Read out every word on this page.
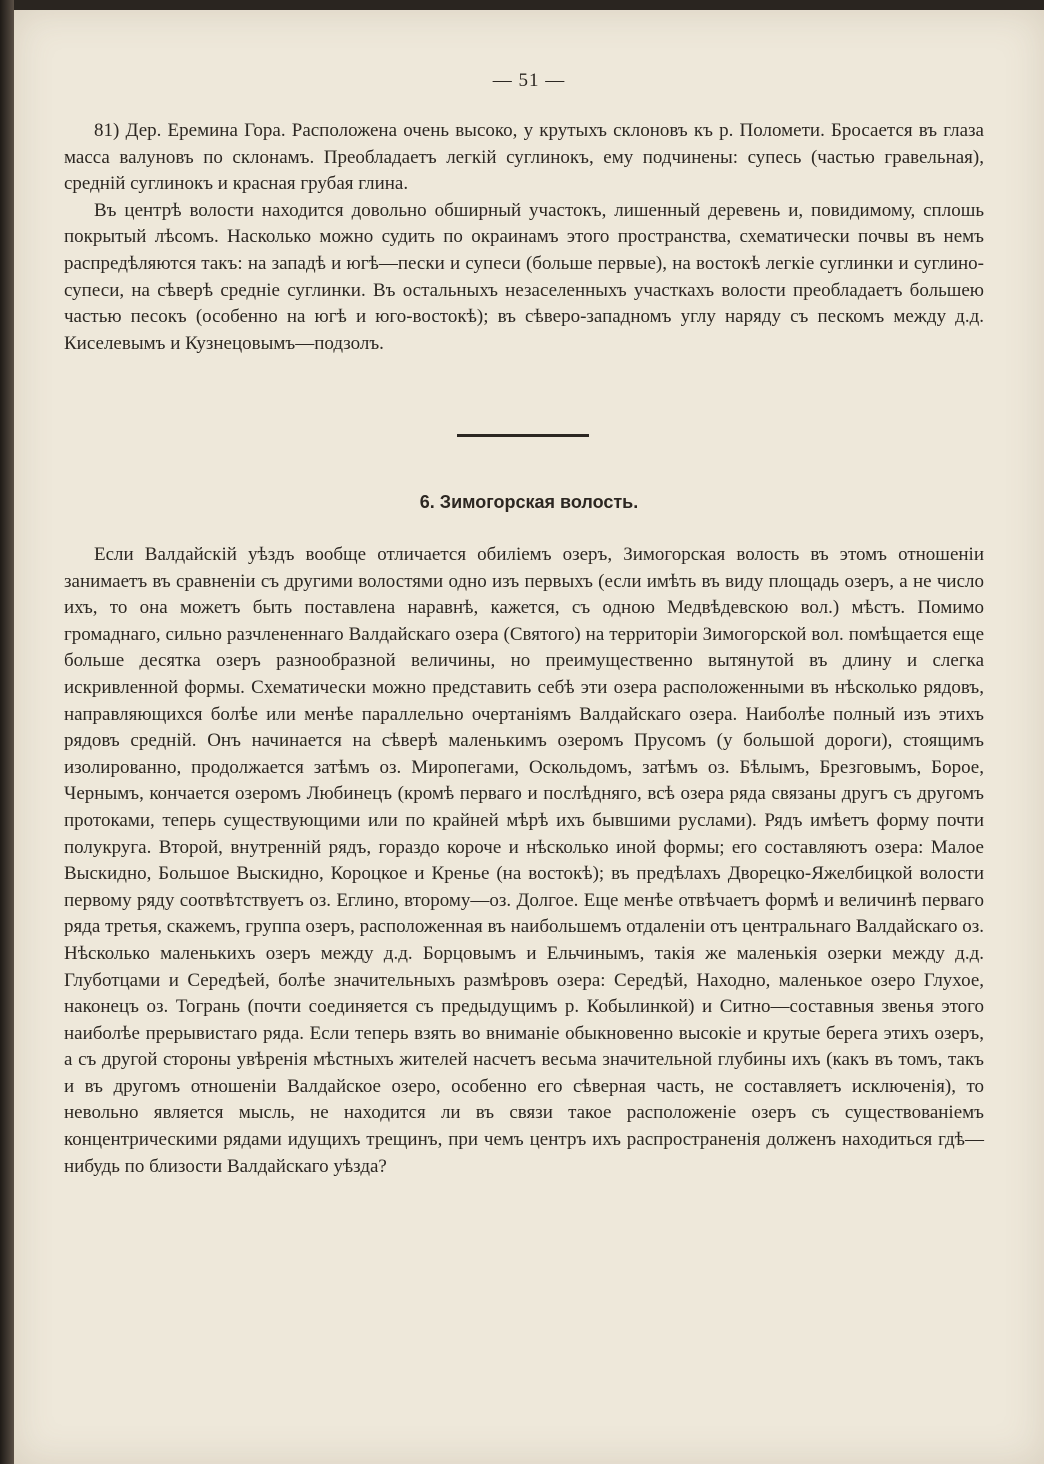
— 51 —

81) Дер. Еремина Гора. Расположена очень высоко, у крутыхъ склоновъ къ р. Поломети. Бросается въ глаза масса валуновъ по склонамъ. Преобладаетъ легкій суглинокъ, ему подчинены: супесь (частью гравельная), средній суглинокъ и красная грубая глина.

Въ центрѣ волости находится довольно обширный участокъ, лишенный деревень и, повидимому, сплошь покрытый лѣсомъ. Насколько можно судить по окраинамъ этого пространства, схематически почвы въ немъ распредѣляются такъ: на западѣ и югѣ—пески и супеси (больше первые), на востокѣ легкіе суглинки и суглино-супеси, на сѣверѣ средніе суглинки. Въ остальныхъ незаселенныхъ участкахъ волости преобладаетъ большею частью песокъ (особенно на югѣ и юго-востокѣ); въ сѣверо-западномъ углу наряду съ пескомъ между д.д. Киселевымъ и Кузнецовымъ—подзолъ.

6. Зимогорская волость.

Если Валдайскій уѣздъ вообще отличается обиліемъ озеръ, Зимогорская волость въ этомъ отношеніи занимаетъ въ сравненіи съ другими волостями одно изъ первыхъ (если имѣть въ виду площадь озеръ, а не число ихъ, то она можетъ быть поставлена наравнѣ, кажется, съ одною Медвѣдевскою вол.) мѣстъ. Помимо громаднаго, сильно разчлененнаго Валдайскаго озера (Святого) на территоріи Зимогорской вол. помѣщается еще больше десятка озеръ разнообразной величины, но преимущественно вытянутой въ длину и слегка искривленной формы. Схематически можно представить себѣ эти озера расположенными въ нѣсколько рядовъ, направляющихся болѣе или менѣе параллельно очертаніямъ Валдайскаго озера. Наиболѣе полный изъ этихъ рядовъ средній. Онъ начинается на сѣверѣ маленькимъ озеромъ Прусомъ (у большой дороги), стоящимъ изолированно, продолжается затѣмъ оз. Миропегами, Оскольдомъ, затѣмъ оз. Бѣлымъ, Брезговымъ, Борое, Чернымъ, кончается озеромъ Любинецъ (кромѣ перваго и послѣдняго, всѣ озера ряда связаны другъ съ другомъ протоками, теперь существующими или по крайней мѣрѣ ихъ бывшими руслами). Рядъ имѣетъ форму почти полукруга. Второй, внутренній рядъ, гораздо короче и нѣсколько иной формы; его составляютъ озера: Малое Выскидно, Большое Выскидно, Короцкое и Кренье (на востокѣ); въ предѣлахъ Дворецко-Яжелбицкой волости первому ряду соотвѣтствуетъ оз. Еглино, второму—оз. Долгое. Еще менѣе отвѣчаетъ формѣ и величинѣ перваго ряда третья, скажемъ, группа озеръ, расположенная въ наибольшемъ отдаленіи отъ центральнаго Валдайскаго оз. Нѣсколько маленькихъ озеръ между д.д. Борцовымъ и Ельчинымъ, такія же маленькія озерки между д.д. Глуботцами и Середѣей, болѣе значительныхъ размѣровъ озера: Середѣй, Находно, маленькое озеро Глухое, наконецъ оз. Тогрань (почти соединяется съ предыдущимъ р. Кобылинкой) и Ситно—составныя звенья этого наиболѣе прерывистаго ряда. Если теперь взять во вниманіе обыкновенно высокіе и крутые берега этихъ озеръ, а съ другой стороны увѣренія мѣстныхъ жителей насчетъ весьма значительной глубины ихъ (какъ въ томъ, такъ и въ другомъ отношеніи Валдайское озеро, особенно его сѣверная часть, не составляетъ исключенія), то невольно является мысль, не находится ли въ связи такое расположеніе озеръ съ существованіемъ концентрическими рядами идущихъ трещинъ, при чемъ центръ ихъ распространенія долженъ находиться гдѣ—нибудь по близости Валдайскаго уѣзда?
